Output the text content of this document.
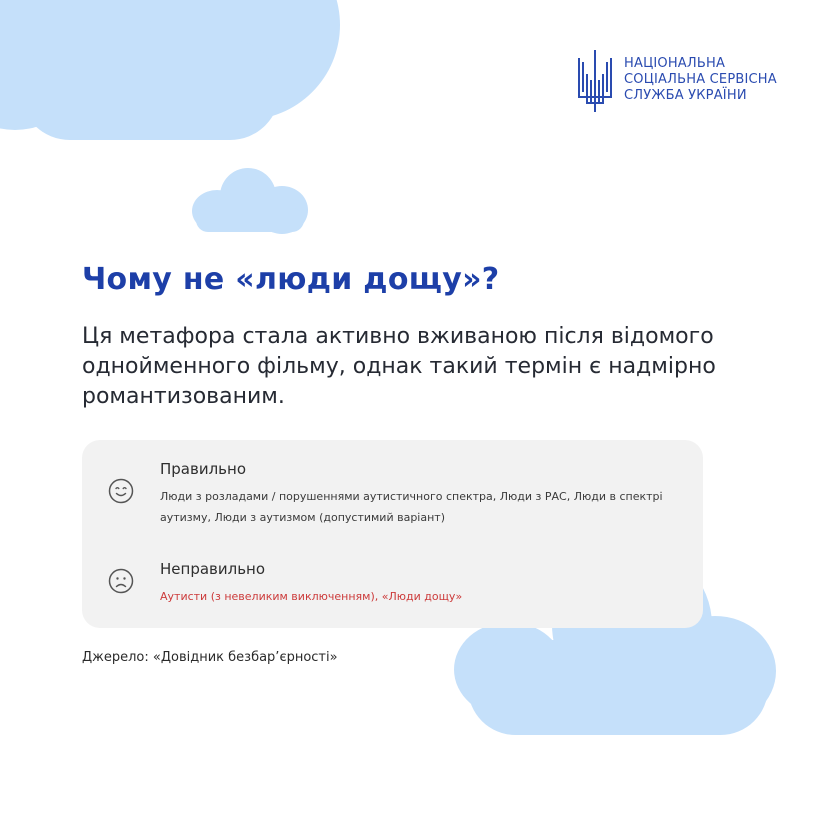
НАЦІОНАЛЬНА
СОЦІАЛЬНА СЕРВІСНА
СЛУЖБА УКРАЇНИ
Чому не «люди дощу»?

Ця метафора стала активно вживаною після відомого однойменного фільму, однак такий термін є надмірно романтизованим.

Правильно
Люди з розладами / порушеннями аутистичного спектра, Люди з РАС, Люди в спектрі аутизму, Люди з аутизмом (допустимий варіант)
Неправильно
Аутисти (з невеликим виключенням), «Люди дощу»
Джерело: «Довідник безбар’єрності»
